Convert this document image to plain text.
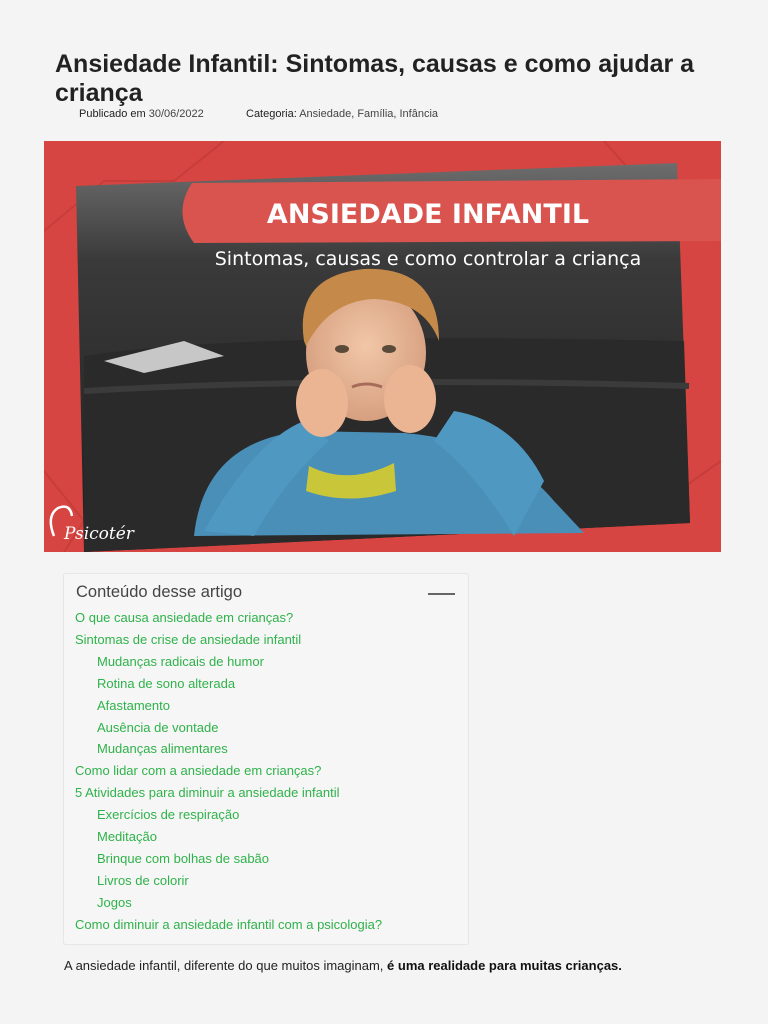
Ansiedade Infantil: Sintomas, causas e como ajudar a criança
Publicado em 30/06/2022	Categoria: Ansiedade, Família, Infância
ANSIEDADE INFANTIL
Sintomas, causas e como controlar a criança
Psicotér
Conteúdo desse artigo
O que causa ansiedade em crianças?
Sintomas de crise de ansiedade infantil
Mudanças radicais de humor
Rotina de sono alterada
Afastamento
Ausência de vontade
Mudanças alimentares
Como lidar com a ansiedade em crianças?
5 Atividades para diminuir a ansiedade infantil
Exercícios de respiração
Meditação
Brinque com bolhas de sabão
Livros de colorir
Jogos
Como diminuir a ansiedade infantil com a psicologia?
A ansiedade infantil, diferente do que muitos imaginam, é uma realidade para muitas crianças.
